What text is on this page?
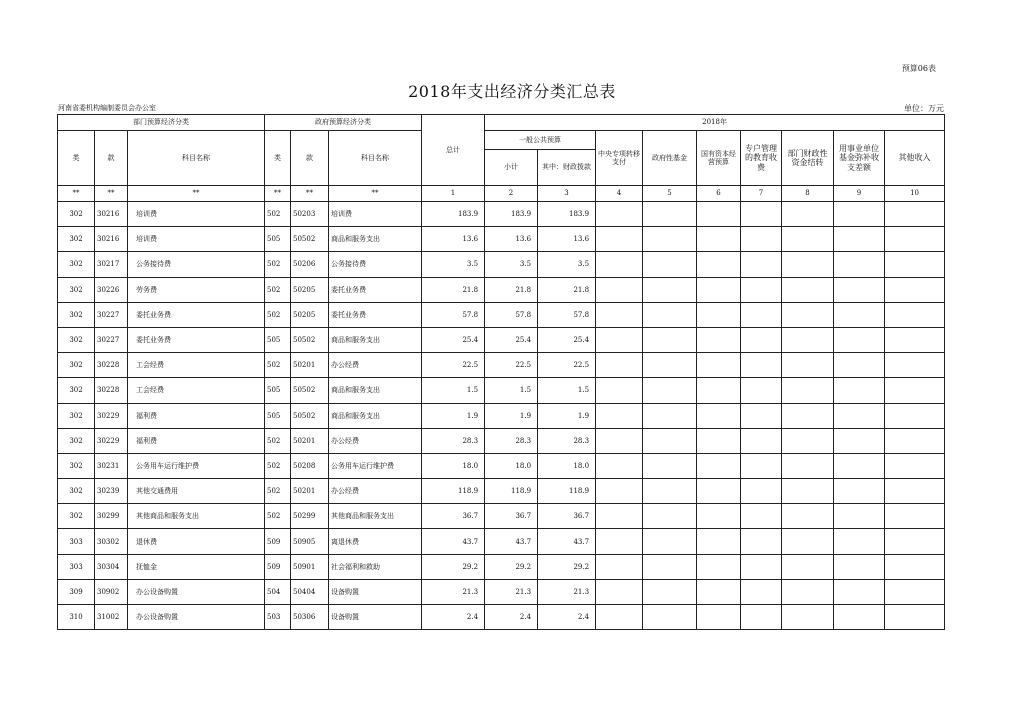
预算06表
2018年支出经济分类汇总表
河南省委机构编制委员会办公室	单位：万元
部门预算经济分类			政府预算经济分类			总计	2018年								
类	款	科目名称	类	款	科目名称		一般公共预算		中央专项转移支付	政府性基金	国有资本经营预算	专户管理的教育收费	部门财政性资金结转	用事业单位基金弥补收支差额	其他收入
							小计	其中：财政拨款							
**	**	**	**	**	**	1	2	3	4	5	6	7	8	9	10
302	30216	培训费	502	50203	培训费	183.9	183.9	183.9							
302	30216	培训费	505	50502	商品和服务支出	13.6	13.6	13.6							
302	30217	公务接待费	502	50206	公务接待费	3.5	3.5	3.5							
302	30226	劳务费	502	50205	委托业务费	21.8	21.8	21.8							
302	30227	委托业务费	502	50205	委托业务费	57.8	57.8	57.8							
302	30227	委托业务费	505	50502	商品和服务支出	25.4	25.4	25.4							
302	30228	工会经费	502	50201	办公经费	22.5	22.5	22.5							
302	30228	工会经费	505	50502	商品和服务支出	1.5	1.5	1.5							
302	30229	福利费	505	50502	商品和服务支出	1.9	1.9	1.9							
302	30229	福利费	502	50201	办公经费	28.3	28.3	28.3							
302	30231	公务用车运行维护费	502	50208	公务用车运行维护费	18.0	18.0	18.0							
302	30239	其他交通费用	502	50201	办公经费	118.9	118.9	118.9							
302	30299	其他商品和服务支出	502	50299	其他商品和服务支出	36.7	36.7	36.7							
303	30302	退休费	509	50905	离退休费	43.7	43.7	43.7							
303	30304	抚恤金	509	50901	社会福利和救助	29.2	29.2	29.2							
309	30902	办公设备购置	504	50404	设备购置	21.3	21.3	21.3							
310	31002	办公设备购置	503	50306	设备购置	2.4	2.4	2.4							
